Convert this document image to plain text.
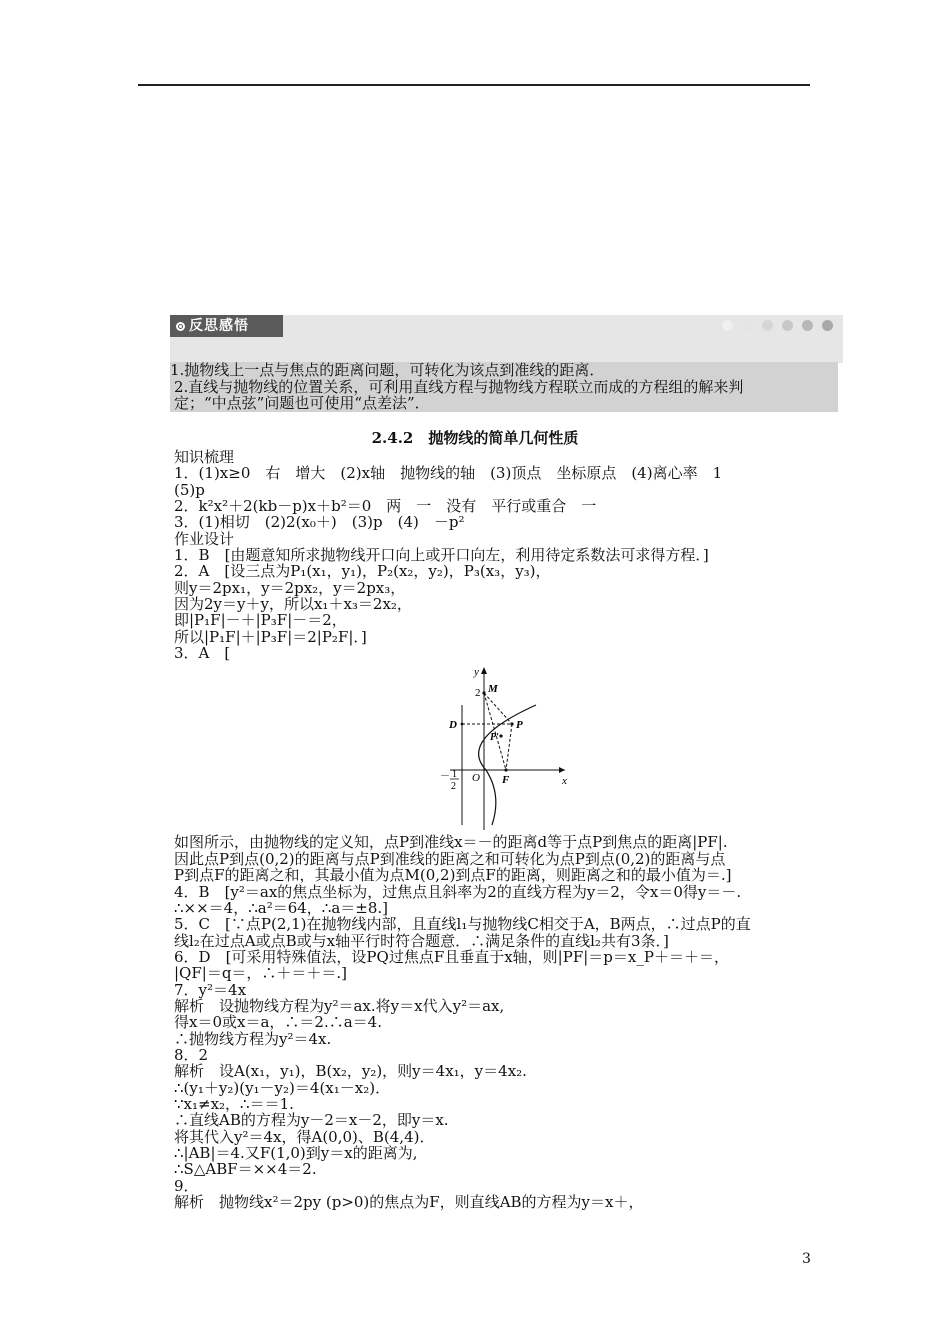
反思感悟
1.抛物线上一点与焦点的距离问题，可转化为该点到准线的距离．
2.直线与抛物线的位置关系，可利用直线方程与抛物线方程联立而成的方程组的解来判
定；“中点弦”问题也可使用“点差法”．
2.4.2　抛物线的简单几何性质
知识梳理
1．(1)x≥0　右　增大　(2)x轴　抛物线的轴　(3)顶点　坐标原点　(4)离心率　1
(5)p
2．k²x²＋2(kb－p)x＋b²＝0　两　一　没有　平行或重合　一
3．(1)相切　(2)2(x₀＋)　(3)p　(4)　－p²
作业设计
1．B　[由题意知所求抛物线开口向上或开口向左，利用待定系数法可求得方程．]
2．A　[设三点为P₁(x₁，y₁)，P₂(x₂，y₂)，P₃(x₃，y₃)，
则y＝2px₁，y＝2px₂，y＝2px₃，
因为2y＝y＋y，所以x₁＋x₃＝2x₂，
即|P₁F|－＋|P₃F|－＝2，
所以|P₁F|＋|P₃F|＝2|P₂F|．]
3．A　[
y
x
2 M
D	P
P′
O F
－ 1
2
如图所示，由抛物线的定义知，点P到准线x＝－的距离d等于点P到焦点的距离|PF|.
因此点P到点(0,2)的距离与点P到准线的距离之和可转化为点P到点(0,2)的距离与点
P到点F的距离之和，其最小值为点M(0,2)到点F的距离，则距离之和的最小值为＝.]
4．B　[y²＝ax的焦点坐标为，过焦点且斜率为2的直线方程为y＝2，令x＝0得y＝－.
∴××＝4，∴a²＝64，∴a＝±8.]
5．C　[∵点P(2,1)在抛物线内部，且直线l₁与抛物线C相交于A，B两点，∴过点P的直
线l₂在过点A或点B或与x轴平行时符合题意．∴满足条件的直线l₂共有3条．]
6．D　[可采用特殊值法，设PQ过焦点F且垂直于x轴，则|PF|＝p＝x_P＋＝＋＝，
|QF|＝q＝，∴＋＝＋＝.]
7．y²＝4x
解析　设抛物线方程为y²＝ax.将y＝x代入y²＝ax,
得x＝0或x＝a，∴＝2.∴a＝4.
∴抛物线方程为y²＝4x.
8．2
解析　设A(x₁，y₁)，B(x₂，y₂)，则y＝4x₁，y＝4x₂.
∴(y₁＋y₂)(y₁－y₂)＝4(x₁－x₂)．
∵x₁≠x₂，∴＝＝1.
∴直线AB的方程为y－2＝x－2，即y＝x.
将其代入y²＝4x，得A(0,0)、B(4,4)．
∴|AB|＝4.又F(1,0)到y＝x的距离为,
∴S△ABF＝××4＝2.
9．
解析　抛物线x²＝2py (p>0)的焦点为F，则直线AB的方程为y＝x＋，
3
